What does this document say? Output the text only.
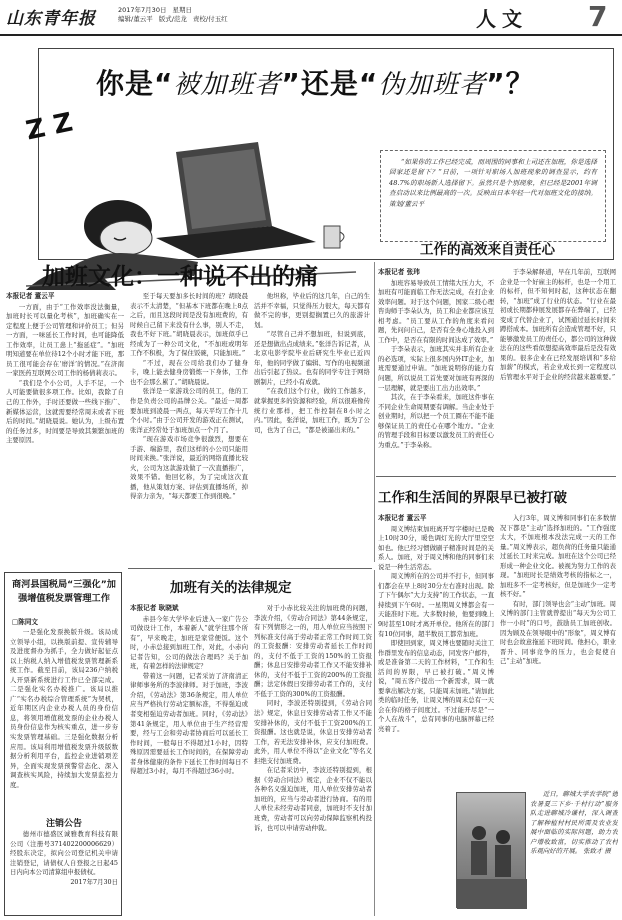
山东青年报	2017年7月30日 星期日
编辑/董云平 版式/范龙 责校/付玉红	人文 7
你是“被加班者”还是“伪加班者”？
Z Z
“如果你的工作已经完成，而周围的同事和上司还在加班，你是选择回家还是留下？”日前，一项针对职场人加班现象的调查显示，约有48.7%的职场新人选择留下。虽然只是个别现象，但已经是2001年调查启动以来比例最高的一次。反映出日本年轻一代对加班文化的接纳。 策划/董云平
加班文化：一种说不出的痛

本报记者 董云平

一方面，由于“工作效率没法衡量，加班时长可以量化考核”，加班确实在一定程度上便于公司管理和评价员工；但另一方面，一味延长工作时间，也可能降低工作效率，让员工患上“拖延症”。“加班明知道要在单位待12个小时才能下班，那员工很可能会存在‘磨洋’的情况。”在济南一家医药互联网公司工作的杨倩莉表示。

“我们是个小公司，人手不足，一个人可能要做很多项工作。比如，我除了自己的工作外，手时还要做一些线下推广、新媒体运营，这就需要经常周末或者下班后的时间。”胡晓晨说。她认为，上级布置的任务过多，时间要是导致其频繁加班的主要原因。

至于每天要加多长时间的班？胡晓晨表示不太清楚，“但基本下班都在晚上8点之后，而且这段时间是没有加班费的，有时候自己留下来没有什么事，别人不走，我也不好下班。”胡晓晨表示，加班似乎已经成为了一种公司文化，“不加班或明年工作不积极，为了保住饭碗，只能加班。”

“不过，现在公司给我们办了健身卡，晚上能去健身房锻炼一下身体，工作也不会那么累了。”胡晓晨说。

张洋是一家游戏公司的员工，他的工作是负责公司的品牌公关。“最近一周都要加班到凌晨一两点，每天平均工作十几个小时。”由于公司开发的游戏正在测试，张洋正经常处于加班加点一个月了。

“现在游戏市场竞争很激烈，想要在手游、端游里，我们这样的小公司只能用时间来换。”张洋说，最近的网络直播比较火，公司为这款游戏做了一次直播推广，效果不错。他回忆称，为了完成这次直播，他从策划方案、评估到直播场所，掉得亲力亲为，“每天都要工作到很晚。”

他坦称，毕业后的这几年，自己的生活并不幸福，只觉得压力很大，每天都有做不完的事，更别提搁置已久的旅游计划。

“尽管自己并不想加班，但说到底，还是想做出点成绩来。”张洋告诉记者，从北京电影学院毕业后研究生毕业已近四年，他的同学做了编辑、写作的电视频道出后引起了热议。也有的同学专注于网络剧制片，已经小有成就。

“在我们这个行业，做的工作越多，就掌握更多的资源和经验，所以很难像传统行业那样，把工作控制在8小时之内。”因此，张洋说，加班工作，既为了公司，也为了自己，“都是被逼出来的。”

工作的高效来自责任心

本报记者 张玮

加班容易导致员工情绪大压力大，不加班有可能面临工作无法完成，在打企业效率问题。对于这个问题，国家二级心理咨询师于李朵认为，员工和企业都应该互相考虑。“员工要从工作的角度来看问题，先问问自己，是否有全身心地投入到工作中，是否在有限的时间达成了效率。”

于李朵表示，加班其实并非所有企业的必选项，实际上很多国内外IT企业，加班需要通过申请。“加班说明你的能力有问题，所以说员工首先要对加班有再深的一层理解，就是要出工出力出效率。”

其次，在于李朵看来，加班这件事在不同企业生命周期要有调解。当企业处于创业期时，所以把一个员工圈在不能不能够保证员工的责任心在哪个地方。“企业的管理手段和目标要以激发员工的责任心为重点。”于李朵称。

于李朵解释道，早在几年前，互联网企业是一个好雇主的标杆，也是一个用工的标杆，但不知何时起，这种状态在翻转，“加班”成了行业的状态。“行业在最初或长期都伸展发展都存在弊端了，已经变成了代替企业了，试图通过延长时间来蹲搭成本。加班所有会造成管理不好，只能够激发员工的责任心，都公司的这种做法在的这些看似想提高效率最后是没有效果的。很多企业在已经发展培训和“多给加薪”的模式，若企业成长到一定程度以后管理水平对于企业的经营越来越重要。”

工作和生活间的界限早已被打破

本报记者 董云平

周义博结束加班离开写字楼时已是晚上10时30分，暖色调灯光的大厅里空空如也。他已经习惯做刷子精准时间是的关系人。加班，对于周义博和他的同事们来说是一种生活常态。

周义博所在的公司并不打卡，但同事们都会在早上8时30分左右准时出现。除了下午偶尔“大力支持”的工作状态，一直持续到下午6时。一星期周义博都会有一天能准时下班。大多数时候，他要到晚上9时甚至10时才离开单位。他所在的部门有10位同事，超半数员工都常加班。

即使回到家，周义博也要随时关注工作群里发布的信息动态，同发客户邮件，或是准备第二天的工作材料，“工作和生活间的界限，早已被打破。”周义博说，“周五客户提出一个新需求，周一就要拿出解决方案，只能周末加班。”请加此类的临时任务，让周义博的周末总有一天会在你的格子间度过。不过能开尽是“一个人在战斗”，总有同事的电脑屏幕已经亮着了。

入行3年，周义博和同事们在多数情况下都是“主动”选择加班的。“工作强度太大，不加班根本没法完成一天的工作量。”周义博表示，超负荷的任务量只能通过延长工时来完成。加班在这个公司已经形成一种企业文化。被视为努力工作的表现。“加班时长是绩效考核的指标之一，加班多不一定考核好，但是加班少一定考核不好。”

有时，部门领导也会“主动”加班。周义博的部门主管就曾提出“每天为公司工作一小时”的口号，鼓励员工加班创收。因为顾及在领导眼中的“形象”，周义博有时也会故意拖延下班时间。他担心，职业晋升、同事竞争的压力，也会促使自己“主动”加班。

加班有关的法律规定

本报记者 耿晓斌

赤县今年大学毕业后进入一家广告公司做设计工作，本着新人“就学往那个所有”，早来晚走，加班是家常便饭。这个时，小赤总接到加班工作，对此，小赤向记者告知，公司的做法合理吗？关于加班，有着怎样的法律规定？

带着这一问题，记者采访了济南清正律师事务所的李波律师。对于加班，李波介绍，《劳动法》第36条规定，用人单位应当严格执行劳动定额标准，不得强迫或者变相强迫劳动者加班。同时，《劳动法》第41条规定，用人单位由于生产经营需要，经与工会和劳动者协商后可以延长工作时间，一般每日不得超过1小时，因特殊原因需要延长工作时间的，在保障劳动者身体健康的条件下延长工作时间每日不得超过3小时，每月不得超过36小时。

对于小赤比较关注的加班费的问题，李波介绍，《劳动合同法》第44条规定，有下列情形之一的，用人单位应当按照下列标准支付高于劳动者正常工作时间工资的工资报酬：安排劳动者延长工作时间的，支付不低于工资的150%的工资报酬；休息日安排劳动者工作又不能安排补休的，支付不低于工资的200%的工资报酬；法定休假日安排劳动者工作的，支付不低于工资的300%的工资报酬。

同时，李波还特别提到，《劳动合同法》规定，休息日安排劳动者工作又不能安排补休的，支付不低于工资200%的工资报酬。这也就是说，休息日安排劳动者工作，若无法安排补休，应支付加班费。此外，用人单位不得以“企业文化”等名义拒绝支付加班费。

在记者采访中，李波还特别提到，根据《劳动合同法》规定，企业不仅不能以各种名义强迫加班，用人单位安排劳动者加班的，应当与劳动者进行协商。有的用人单位未经劳动者同意，加班时不支付加班费，劳动者可以向劳动保障监察机构投诉，也可以申请劳动仲裁。

商河县国税局“三强化”加强增值税发票管理工作
□陈同文

一是强化发票换版升级。该局成立领导小组，以换版前提、宣传辅导及进度督办为抓手，全力做好起征点以上纳税人纳入增值税发票管理新系统工作。截至目前，该局236户纳税人开票新系统进行工作已全部完成。二是强化实名办税推广。该局以推广“实名办税综合管理系统”为契机，近年期区内企业办税人员的身份信息，将领用增值税发票的企业办税人员身份信息作为核实重点，进一步夯实发票管理基础。三是强化数据分析应用。该局利用增值税发票升级版数据分析利用平台，监控企业进销项差异，全面实现发票预警常态化、深入调查核实风险，持续加大发票监控力度。

注销公告

德州市德盛区诚雅教育科技有限公司（注册号371402200006629）经股东决定，拟向公司登记机关申请注销登记，请债权人自登报之日起45日内向本公司清算组申报债权。

2017年7月30日

近日，聊城大学农学院“德农暑夏三下乡·千村行动”服务队走进聊城冷谦村，深入调查了解种植村村民所需及农业发展中面临的实际问题，助力农户增收致富，切实推动了农村乐观向好的开展。 张致才 摄
